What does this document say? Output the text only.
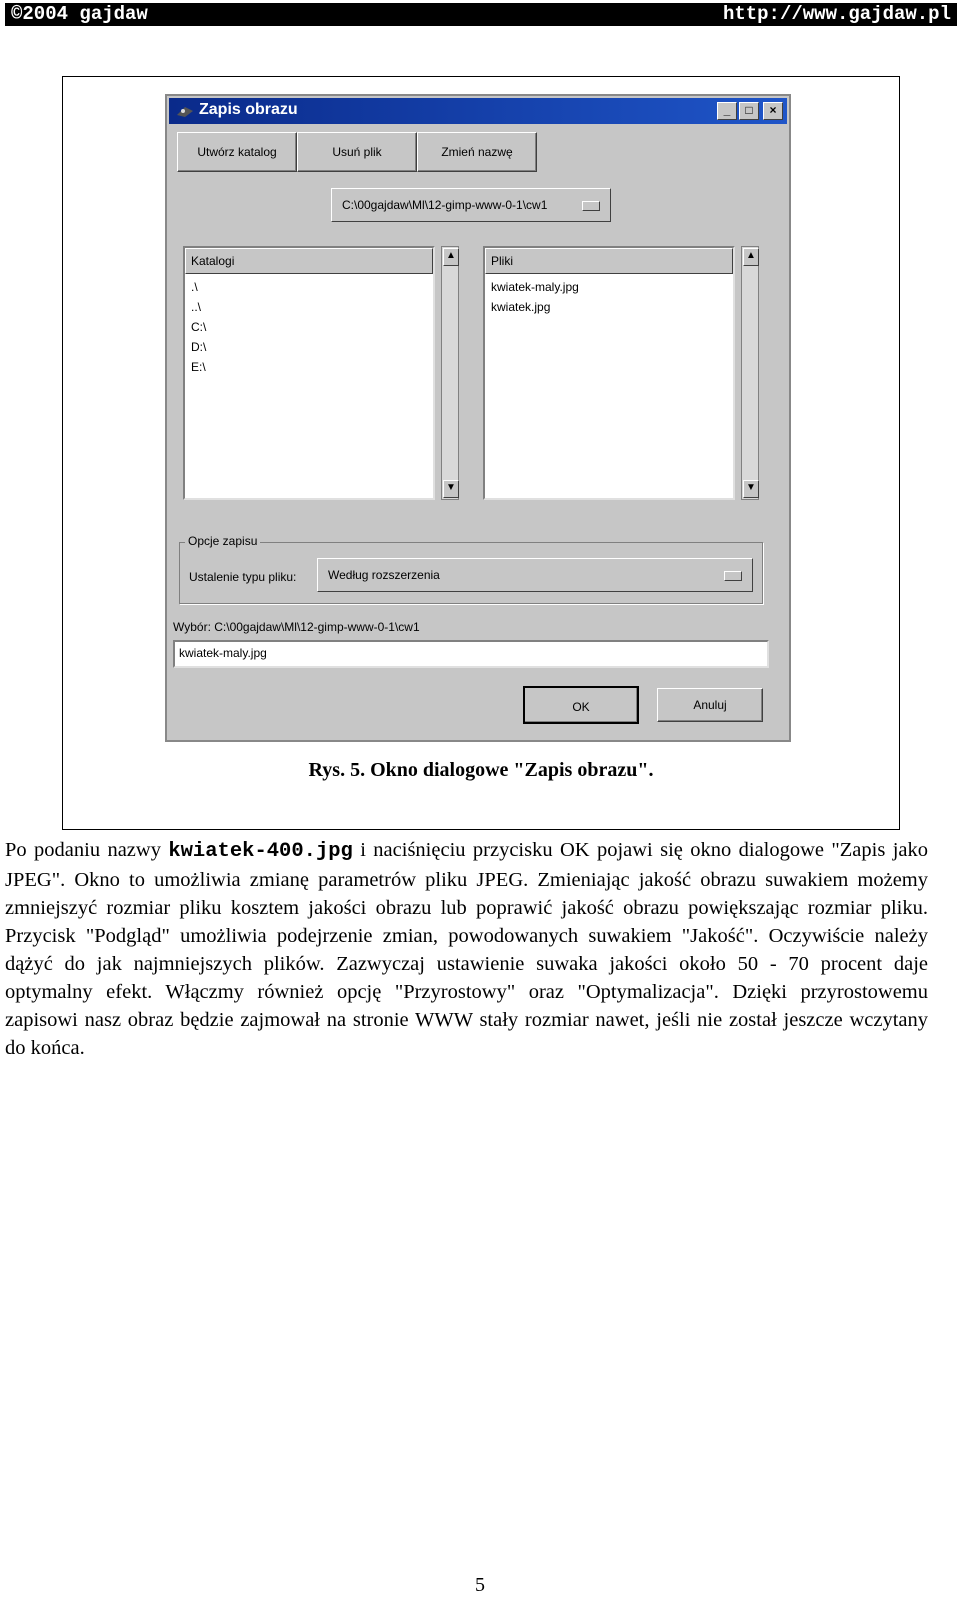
©2004 gajdaw	http://www.gajdaw.pl
Zapis obrazu	_	□	×
Utwórz katalog	Usuń plik	Zmień nazwę
C:\00gajdaw\Ml\12-gimp-www-0-1\cw1
Katalogi
.\
..\
C:\
D:\
E:\
▲
▼
Pliki
kwiatek-maly.jpg
kwiatek.jpg
▲
▼
Opcje zapisu
Ustalenie typu pliku:	Według rozszerzenia
Wybór: C:\00gajdaw\Ml\12-gimp-www-0-1\cw1
kwiatek-maly.jpg
OK	Anuluj
Rys. 5. Okno dialogowe "Zapis obrazu".
Po podaniu nazwy kwiatek-400.jpg i naciśnięciu przycisku OK pojawi się okno dialogowe "Zapis jako JPEG". Okno to umożliwia zmianę parametrów pliku JPEG. Zmieniając jakość obrazu suwakiem możemy zmniejszyć rozmiar pliku kosztem jakości obrazu lub poprawić jakość obrazu powiększając rozmiar pliku. Przycisk "Podgląd" umożliwia podejrzenie zmian, powodowanych suwakiem "Jakość". Oczywiście należy dążyć do jak najmniejszych plików. Zazwyczaj ustawienie suwaka jakości około 50 - 70 procent daje optymalny efekt. Włączmy również opcję "Przyrostowy" oraz "Optymalizacja". Dzięki przyrostowemu zapisowi nasz obraz będzie zajmował na stronie WWW stały rozmiar nawet, jeśli nie został jeszcze wczytany do końca.
5
